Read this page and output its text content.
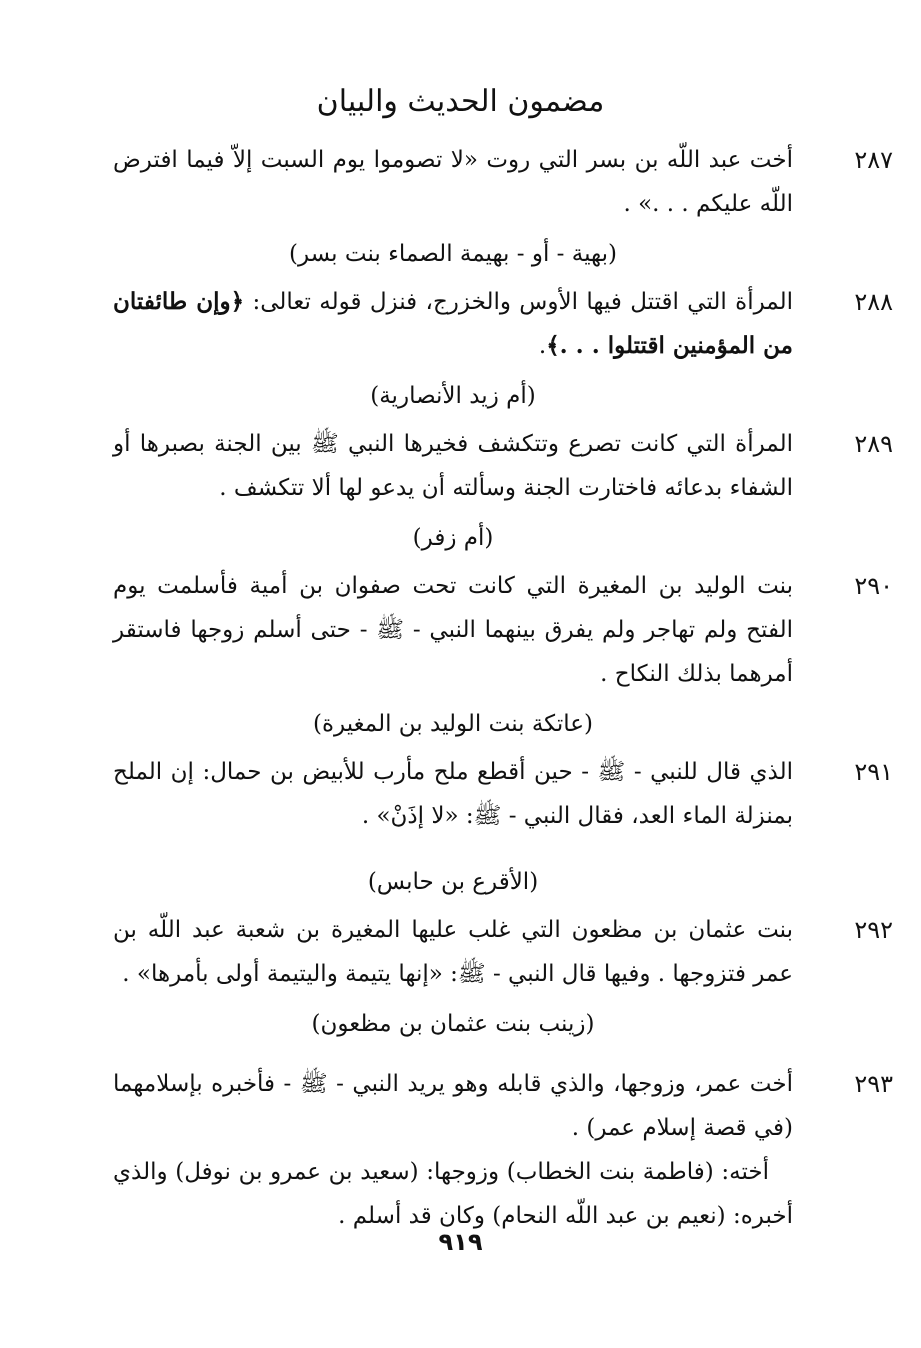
مضمون الحديث والبيان
٢٨٧

أخت عبد اللّه بن بسر التي روت «لا تصوموا يوم السبت إلاّ فيما افترض اللّه عليكم . . .» .

(بهية - أو - بهيمة الصماء بنت بسر)
٢٨٨

المرأة التي اقتتل فيها الأوس والخزرج، فنزل قوله تعالى: ﴿وإن طائفتان من المؤمنين اقتتلوا . . .﴾.

(أم زيد الأنصارية)
٢٨٩

المرأة التي كانت تصرع وتتكشف فخيرها النبي ﷺ بين الجنة بصبرها أو الشفاء بدعائه فاختارت الجنة وسألته أن يدعو لها ألا تتكشف .

(أم زفر)
٢٩٠

بنت الوليد بن المغيرة التي كانت تحت صفوان بن أمية فأسلمت يوم الفتح ولم تهاجر ولم يفرق بينهما النبي - ﷺ - حتى أسلم زوجها فاستقر أمرهما بذلك النكاح .

(عاتكة بنت الوليد بن المغيرة)
٢٩١

الذي قال للنبي - ﷺ - حين أقطع ملح مأرب للأبيض بن حمال: إن الملح بمنزلة الماء العد، فقال النبي - ﷺ: «لا إذَنْ» .

(الأقرع بن حابس)
٢٩٢

بنت عثمان بن مظعون التي غلب عليها المغيرة بن شعبة عبد اللّه بن عمر فتزوجها . وفيها قال النبي - ﷺ: «إنها يتيمة واليتيمة أولى بأمرها» .

(زينب بنت عثمان بن مظعون)
٢٩٣

أخت عمر، وزوجها، والذي قابله وهو يريد النبي - ﷺ - فأخبره بإسلامهما (في قصة إسلام عمر) .

أخته: (فاطمة بنت الخطاب) وزوجها: (سعيد بن عمرو بن نوفل) والذي أخبره: (نعيم بن عبد اللّه النحام) وكان قد أسلم .

٩١٩
